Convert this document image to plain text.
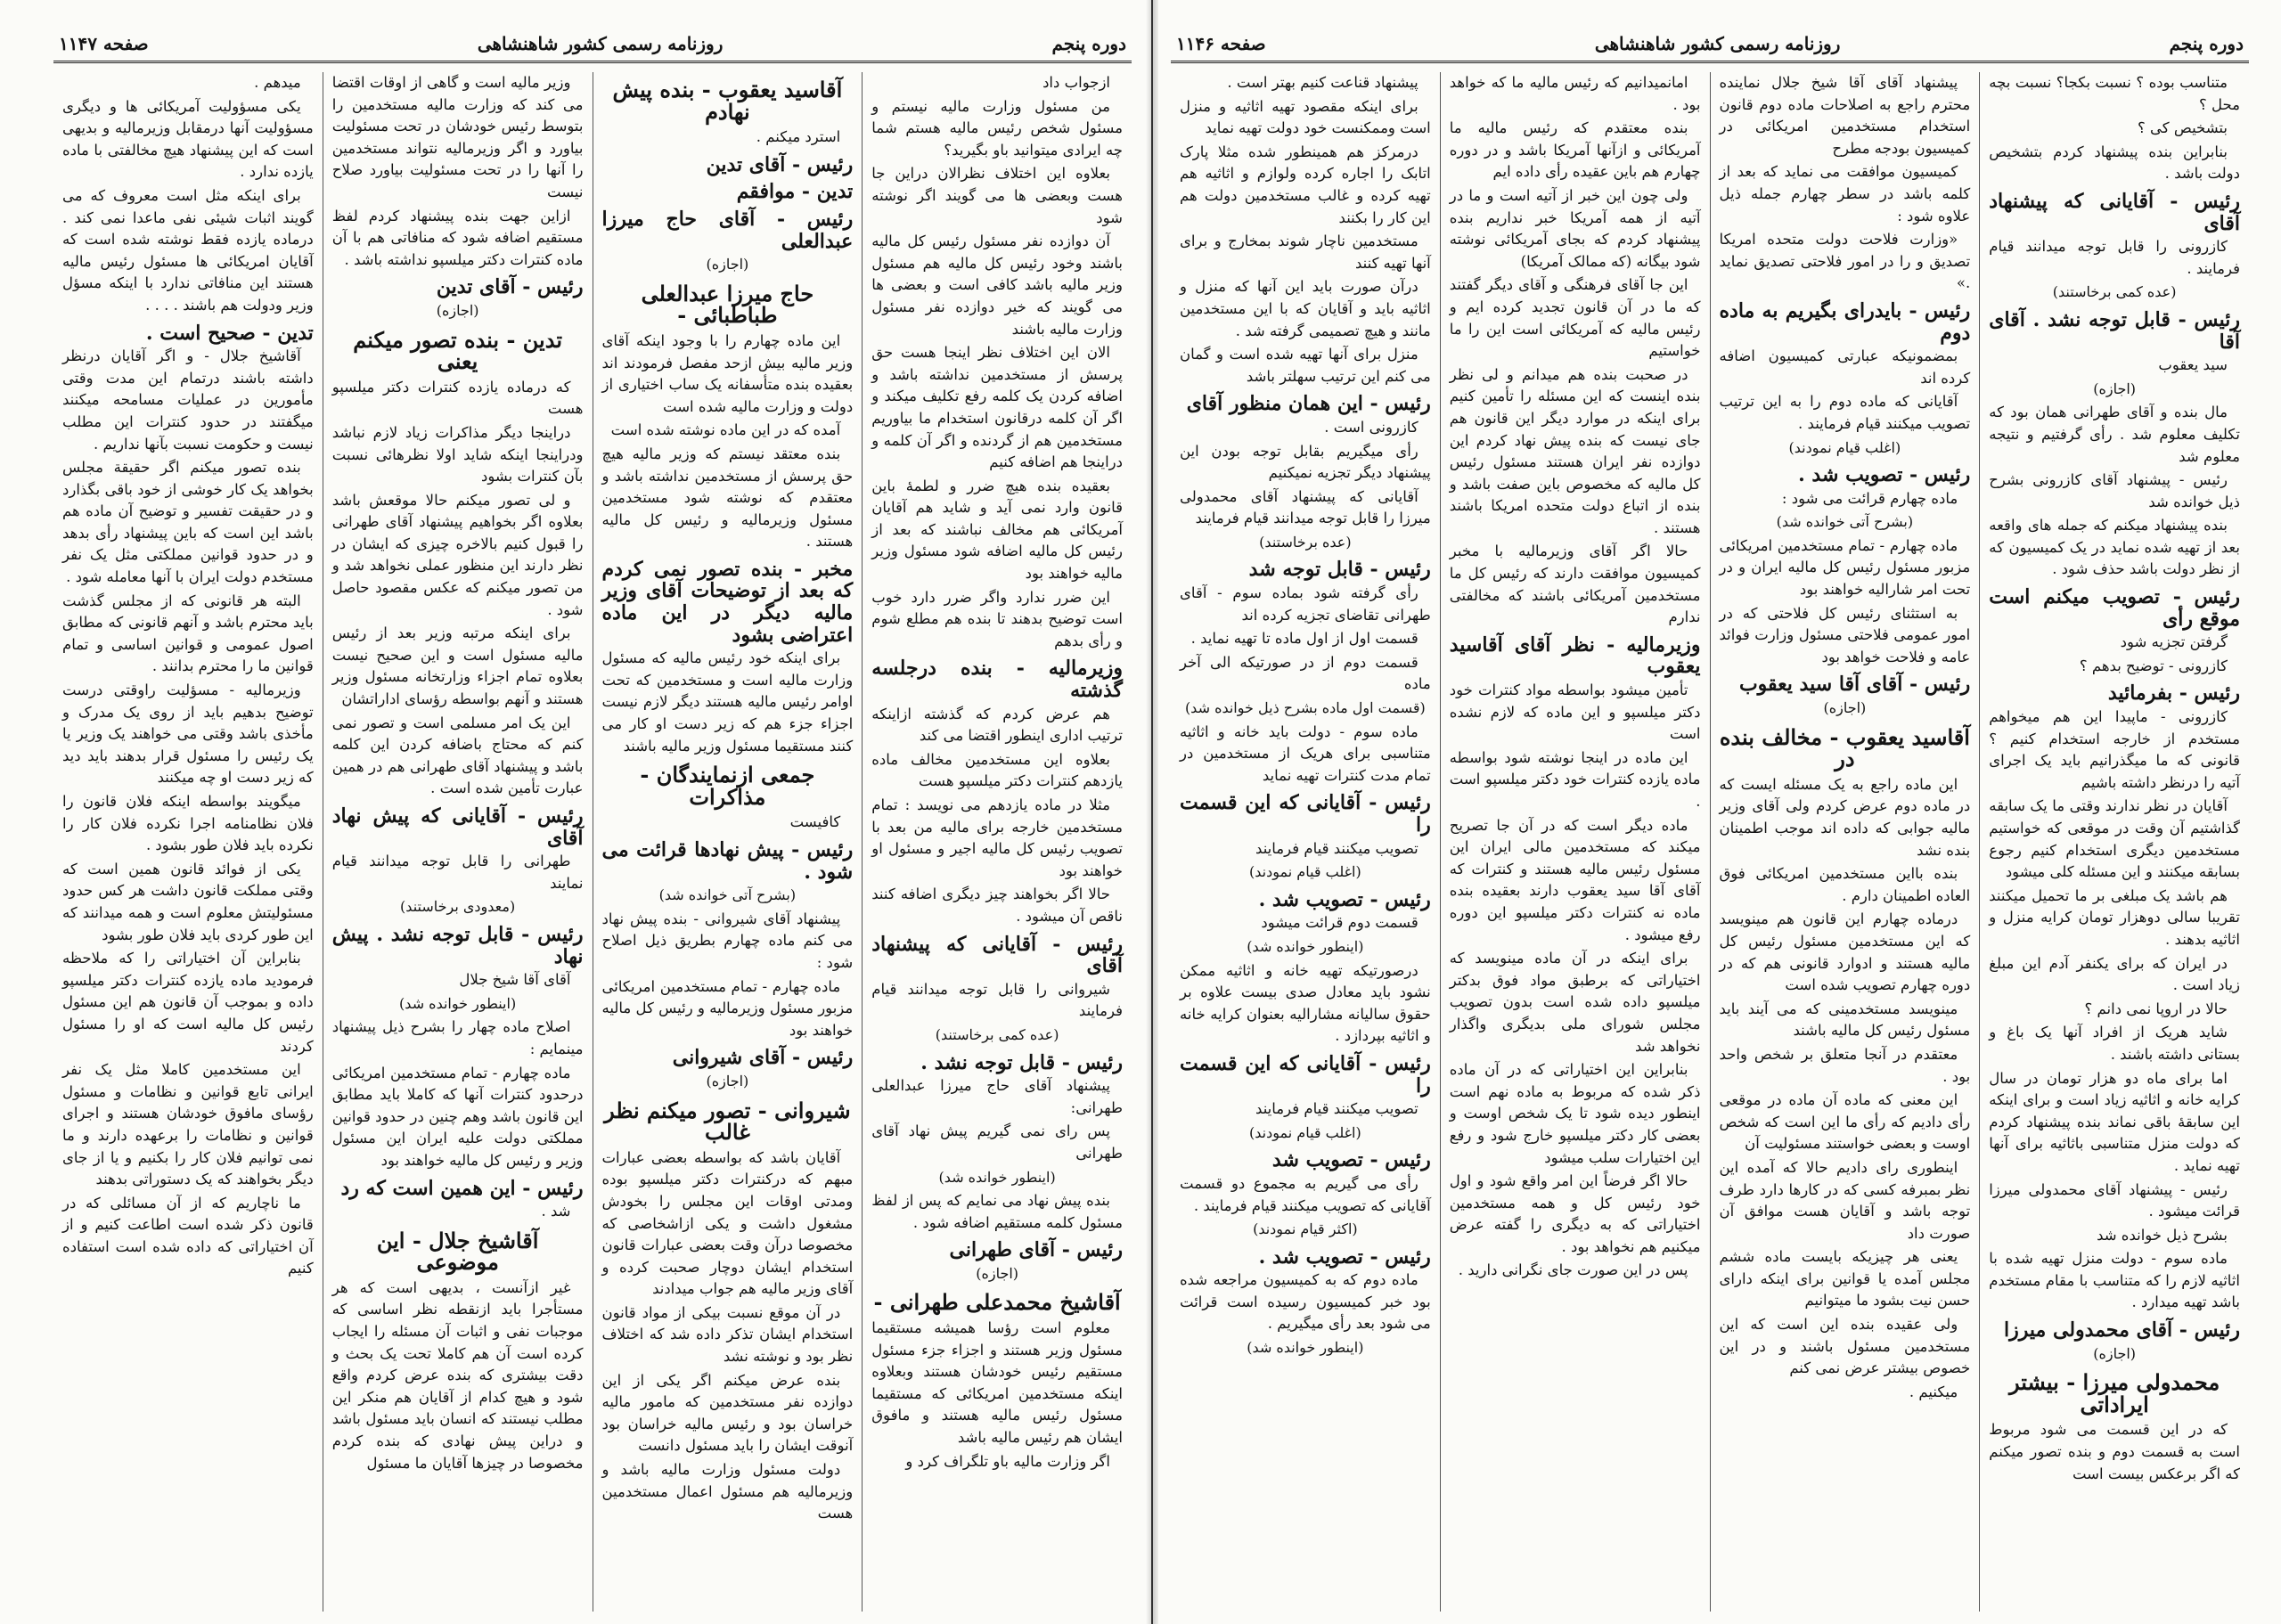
صفحه ۱۱۴۷	روزنامه رسمی کشور شاهنشاهی	دوره پنجم

ازجواب داد

من مسئول وزارت مالیه نیستم و مسئول شخص رئیس مالیه هستم شما چه ایرادی میتوانید باو بگیرید؟

بعلاوه این اختلاف نظرالان دراین جا هست وبعضی ها می گویند اگر نوشته شود

آن دوازده نفر مسئول رئیس کل مالیه باشند وخود رئیس کل مالیه هم مسئول وزیر مالیه باشد کافی است و بعضی ها می گویند که خیر دوازده نفر مسئول وزارت مالیه باشند

الان این اختلاف نظر اینجا هست حق پرسش از مستخدمین نداشته باشد و اضافه کردن یک کلمه رفع تکلیف میکند و اگر آن کلمه درقانون استخدام ما بیاوریم مستخدمین هم از گردنده و اگر آن کلمه و دراینجا هم اضافه کنیم

بعقیده بنده هیچ ضرر و لطمهٔ باین قانون وارد نمی آید و شاید هم آقایان آمریکائی هم مخالف نباشند که بعد از رئیس کل مالیه اضافه شود مسئول وزیر مالیه خواهند بود

این ضرر ندارد واگر ضرر دارد خوب است توضیح بدهند تا بنده هم مطلع شوم و رأی بدهم

وزیرمالیه - بنده درجلسه گذشته

هم عرض کردم که گذشته ازاینکه ترتیب اداری اینطور اقتضا می کند

بعلاوه این مستخدمین مخالف ماده یازدهم کنترات دکتر میلسپو هست

مثلا در ماده یازدهم می نویسد : تمام مستخدمین خارجه برای مالیه من بعد با تصویب رئیس کل مالیه اجیر و مسئول او خواهند بود

حالا اگر بخواهند چیز دیگری اضافه کنند ناقص آن میشود .

رئیس - آقایانی که پیشنهاد آقای

شیروانی را قابل توجه میدانند قیام فرمایند

(عده کمی برخاستند)
رئیس - قابل توجه نشد .

پیشنهاد آقای حاج میرزا عبدالعلی طهرانی:

پس رای نمی گیریم پیش نهاد آقای طهرانی

(اینطور خوانده شد)

بنده پیش نهاد می نمایم که پس از لفظ مسئول کلمه مستقیم اضافه شود .

رئیس - آقای طهرانی
(اجازه)
آقاشیخ محمدعلی طهرانی -

معلوم است رؤسا همیشه مستقیما مسئول وزیر هستند و اجزاء جزء مسئول مستقیم رئیس خودشان هستند وبعلاوه اینکه مستخدمین امریکائی که مستقیما مسئول رئیس مالیه هستند و مافوق ایشان هم رئیس مالیه باشد

اگر وزارت مالیه باو تلگراف کرد و

آقاسید یعقوب - بنده پیش نهادم

استرد میکنم .

رئیس - آقای تدین
تدین - موافقم
رئیس - آقای حاج میرزا عبدالعلی
(اجازه)
حاج میرزا عبدالعلی طباطبائی -

این ماده چهارم را با وجود اینکه آقای وزیر مالیه بیش ازحد مفصل فرمودند اند بعقیده بنده متأسفانه یک ساب اختیاری از دولت و وزارت مالیه شده است

آمده که در این ماده نوشته شده است

بنده معتقد نیستم که وزیر مالیه هیچ حق پرسش از مستخدمین نداشته باشد و معتقدم که نوشته شود مستخدمین مسئول وزیرمالیه و رئیس کل مالیه هستند .

مخبر - بنده تصور نمی کردم که بعد از توضیحات آقای وزیر مالیه دیگر در این ماده اعتراضی بشود

برای اینکه خود رئیس مالیه که مسئول وزارت مالیه است و مستخدمین که تحت اوامر رئیس مالیه هستند دیگر لازم نیست اجزاء جزء هم که زیر دست او کار می کنند مستقیما مسئول وزیر مالیه باشند

جمعی ازنمایندگان - مذاکرات

کافیست

رئیس - پیش نهادها قرائت می شود .
(بشرح آتی خوانده شد)

پیشنهاد آقای شیروانی - بنده پیش نهاد می کنم ماده چهارم بطریق ذیل اصلاح شود :

ماده چهارم - تمام مستخدمین امریکائی مزبور مسئول وزیرمالیه و رئیس کل مالیه خواهند بود

رئیس - آقای شیروانی
(اجازه)
شیروانی - تصور میکنم نظر غالب

آقایان باشد که بواسطه بعضی عبارات مبهم که درکنترات دکتر میلسپو بوده ومدتی اوقات این مجلس را بخودش مشغول داشت و یکی ازاشخاصی که مخصوصا درآن وقت بعضی عبارات قانون استخدام ایشان دوچار صحبت کرده و آقای وزیر مالیه هم جواب میدادند

در آن موقع نسبت بیکی از مواد قانون استخدام ایشان تذکر داده شد که اختلاف نظر بود و نوشته نشد

بنده عرض میکنم اگر یکی از این دوازده نفر مستخدمین که مامور مالیه خراسان بود و رئیس مالیه خراسان بود آنوقت ایشان را باید مسئول دانست

دولت مسئول وزارت مالیه باشد و وزیرمالیه هم مسئول اعمال مستخدمین هست

وزیر مالیه است و گاهی از اوقات اقتضا می کند که وزارت مالیه مستخدمین را بتوسط رئیس خودشان در تحت مسئولیت بیاورد و اگر وزیرمالیه نتواند مستخدمین را آنها را در تحت مسئولیت بیاورد صلاح نیست

ازاین جهت بنده پیشنهاد کردم لفظ مستقیم اضافه شود که منافاتی هم با آن ماده کنترات دکتر میلسپو نداشته باشد .

رئیس - آقای تدین
(اجازه)
تدین - بنده تصور میکنم یعنی

که درماده یازده کنترات دکتر میلسپو هست

دراینجا دیگر مذاکرات زیاد لازم نباشد ودراینجا اینکه شاید اولا نظرهائی نسبت بآن کنترات بشود

و لی تصور میکنم حالا موقعش باشد بعلاوه اگر بخواهیم پیشنهاد آقای طهرانی را قبول کنیم بالاخره چیزی که ایشان در نظر دارند این منظور عملی نخواهد شد و من تصور میکنم که عکس مقصود حاصل شود .

برای اینکه مرتبه وزیر بعد از رئیس مالیه مسئول است و این صحیح نیست بعلاوه تمام اجزاء وزارتخانه مسئول وزیر هستند و آنهم بواسطه رؤسای اداراتشان

این یک امر مسلمی است و تصور نمی کنم که محتاج باضافه کردن این کلمه باشد و پیشنهاد آقای طهرانی هم در همین عبارت تأمین شده است .

رئیس - آقایانی که پیش نهاد آقای

طهرانی را قابل توجه میدانند قیام نمایند

(معدودی برخاستند)
رئیس - قابل توجه نشد . پیش نهاد

آقای آقا شیخ جلال

(اینطور خوانده شد)

اصلاح ماده چهار را بشرح ذیل پیشنهاد مینمایم :

ماده چهارم - تمام مستخدمین امریکائی درحدود کنترات آنها که کاملا باید مطابق این قانون باشد وهم چنین در حدود قوانین مملکتی دولت علیه ایران این مسئول وزیر و رئیس کل مالیه خواهند بود

رئیس - این همین است که رد

شد .

آقاشیخ جلال - این موضوعی

غیر ازآنست ، بدیهی است که هر مستأجرا باید ازنقطه نظر اساسی که موجبات نفی و اثبات آن مسئله را ایجاب کرده است آن هم کاملا تحت یک بحث و دقت بیشتری که بنده عرض کردم واقع شود و هیچ کدام از آقایان هم منکر این مطلب نیستند که انسان باید مسئول باشد و دراین پیش نهادی که بنده کردم مخصوصا در چیزها آقایان ما مسئول

میدهم .

یکی مسؤولیت آمریکائی ها و دیگری مسؤولیت آنها درمقابل وزیرمالیه و بدیهی است که این پیشنهاد هیچ مخالفتی با ماده یازده ندارد .

برای اینکه مثل است معروف که می گویند اثبات شیئی نفی ماعدا نمی کند . درماده یازده فقط نوشته شده است که آقایان امریکائی ها مسئول رئیس مالیه هستند این منافاتی ندارد با اینکه مسؤل وزیر ودولت هم باشند . . . .

تدین - صحیح است .

آقاشیخ جلال - و اگر آقایان درنظر داشته باشند درتمام این مدت وقتی مأمورین در عملیات مسامحه میکنند میگفتند در حدود کنترات این مطلب نیست و حکومت نسبت بآنها نداریم .

بنده تصور میکنم اگر حقیقة مجلس بخواهد یک کار خوشی از خود باقی بگذارد و در حقیقت تفسیر و توضیح آن ماده هم باشد این است که باین پیشنهاد رأی بدهد و در حدود قوانین مملکتی مثل یک نفر مستخدم دولت ایران با آنها معامله شود .

البته هر قانونی که از مجلس گذشت باید محترم باشد و آنهم قانونی که مطابق اصول عمومی و قوانین اساسی و تمام قوانین ما را محترم بدانند .

وزیرمالیه - مسؤلیت راوقتی درست توضیح بدهیم باید از روی یک مدرک و مأخذی باشد وقتی می خواهند یک وزیر یا یک رئیس را مسئول قرار بدهند باید دید که زیر دست او چه میکنند

میگویند بواسطه اینکه فلان قانون را فلان نظامنامه اجرا نکرده فلان کار را نکرده باید فلان طور بشود .

یکی از فوائد قانون همین است که وقتی مملکت قانون داشت هر کس حدود مسئولیتش معلوم است و همه میدانند که این طور کردی باید فلان طور بشود

بنابراین آن اختیاراتی را که ملاحظه فرمودید ماده یازده کنترات دکتر میلسپو داده و بموجب آن قانون هم این مسئول رئیس کل مالیه است که او را مسئول کردند

این مستخدمین کاملا مثل یک نفر ایرانی تابع قوانین و نظامات و مسئول رؤسای مافوق خودشان هستند و اجرای قوانین و نظامات را برعهده دارند و ما نمی توانیم فلان کار را بکنیم و یا از جای دیگر بخواهند که یک دستوراتی بدهند

ما ناچاریم که از آن مسائلی که در قانون ذکر شده است اطاعت کنیم و از آن اختیاراتی که داده شده است استفاده کنیم

صفحه ۱۱۴۶	روزنامه رسمی کشور شاهنشاهی	دوره پنجم

متناسب بوده ؟ نسبت بکجا؟ نسبت بچه محل ؟

بتشخیص کی ؟

بنابراین بنده پیشنهاد کردم بتشخیص دولت باشد .

رئیس - آقایانی که پیشنهاد آقای

کازرونی را قابل توجه میدانند قیام فرمایند .

(عده کمی برخاستند)
رئیس - قابل توجه نشد . آقای آقا

سید یعقوب

(اجازه)

مال بنده و آقای طهرانی همان بود که تکلیف معلوم شد . رأی گرفتیم و نتیجه معلوم شد

رئیس - پیشنهاد آقای کازرونی بشرح ذیل خوانده شد

بنده پیشنهاد میکنم که جمله های واقعه بعد از تهیه شده نماید در یک کمیسیون که از نظر دولت باشد حذف شود .

رئیس - تصویب میکنم است موقع رأی

گرفتن تجزیه شود

کازرونی - توضیح بدهم ؟

رئیس - بفرمائید

کازرونی - ماپیدا این هم میخواهم مستخدم از خارجه استخدام کنیم ؟ قانونی که ما میگذرانیم باید یک اجرای آتیه را درنظر داشته باشیم

آقایان در نظر ندارند وقتی ما یک سابقه گذاشتیم آن وقت در موقعی که خواستیم مستخدمین دیگری استخدام کنیم رجوع بسابقه میکنند و این مسئله کلی میشود

هم باشد یک مبلغی بر ما تحمیل میکنند تقریبا سالی دوهزار تومان کرایه منزل و اثاثیه بدهند .

در ایران که برای یکنفر آدم این مبلغ زیاد است .

حالا در اروپا نمی دانم ؟

شاید هریک از افراد آنها یک باغ و بستانی داشته باشند .

اما برای ماه دو هزار تومان در سال کرایه خانه و اثاثیه زیاد است و برای اینکه این سابقهٔ باقی نماند بنده پیشنهاد کردم که دولت منزل متناسبی باثاثیه برای آنها تهیه نماید .

رئیس - پیشنهاد آقای محمدولی میرزا قرائت میشود .

بشرح ذیل خوانده شد

ماده سوم - دولت منزل تهیه شده با اثاثیه لازم را که متناسب با مقام مستخدم باشد تهیه میدارد .

رئیس - آقای محمدولی میرزا
(اجازه)
محمدولی میرزا - بیشتر ایراداتی

که در این قسمت می شود مربوط است به قسمت دوم و بنده تصور میکنم که اگر برعکس بیست است

پیشنهاد آقای آقا شیخ جلال نماینده محترم راجع به اصلاحات ماده دوم قانون استخدام مستخدمین امریکائی در کمیسیون بودجه مطرح

کمیسیون موافقت می نماید که بعد از کلمه باشد در سطر چهارم جمله ذیل علاوه شود :

«وزارت فلاحت دولت متحده امریکا تصدیق و را در امور فلاحتی تصدیق نماید .»

رئیس - بایدرای بگیریم به ماده دوم

بمضمونیکه عبارتی کمیسیون اضافه کرده اند

آقایانی که ماده دوم را به این ترتیب تصویب میکنند قیام فرمایند .

(اغلب قیام نمودند)
رئیس - تصویب شد .

ماده چهارم قرائت می شود :

(بشرح آتی خوانده شد)

ماده چهارم - تمام مستخدمین امریکائی مزبور مسئول رئیس کل مالیه ایران و در تحت امر شارالیه خواهند بود

به استثنای رئیس کل فلاحتی که در امور عمومی فلاحتی مسئول وزارت فوائد عامه و فلاحت خواهد بود

رئیس - آقای آقا سید یعقوب
(اجازه)
آقاسید یعقوب - مخالف بنده در

این ماده راجع به یک مسئله ایست که در ماده دوم عرض کردم ولی آقای وزیر مالیه جوابی که داده اند موجب اطمینان بنده نشد

بنده بااین مستخدمین امریکائی فوق العاده اطمینان دارم .

درماده چهارم این قانون هم مینویسد که این مستخدمین مسئول رئیس کل مالیه هستند و ادوارد قانونی هم که در دوره چهارم تصویب شده است

مینویسد مستخدمینی که می آیند باید مسئول رئیس کل مالیه باشند

معتقدم در آنجا متعلق بر شخص واحد بود .

این معنی که ماده آن ماده در موقعی رأی دادیم که رأی ما این است که شخص اوست و بعضی خواستند مسئولیت آن

اینطوری رای دادیم حالا که آمده این نظر بمبرفه کسی که در کارها دارد طرف توجه باشد و آقایان هست موافق آن صورت داد

یعنی هر چیزیکه بایست ماده ششم مجلس آمده یا قوانین برای اینکه دارای حسن نیت بشود ما میتوانیم

ولی عقیده بنده این است که این مستخدمین مسئول باشند و در این خصوص بیشتر عرض نمی کنم

میکنیم .

امانمیدانیم که رئیس مالیه ما که خواهد بود .

بنده معتقدم که رئیس مالیه ما آمریکائی و ازآنها آمریکا باشد و در دوره چهارم هم باین عقیده رأی داده ایم

ولی چون این خبر از آتیه است و ما در آتیه از همه آمریکا خبر نداریم بنده پیشنهاد کردم که بجای آمریکائی نوشته شود بیگانه (که ممالک آمریکا)

این جا آقای فرهنگی و آقای دیگر گفتند که ما در آن قانون تجدید کرده ایم و رئیس مالیه که آمریکائی است این را ما خواستیم

در صحبت بنده هم میدانم و لی نظر بنده اینست که این مسئله را تأمین کنیم برای اینکه در موارد دیگر این قانون هم جای نیست که بنده پیش نهاد کردم این دوازده نفر ایران هستند مسئول رئیس کل مالیه که مخصوص باین صفت باشد و بنده از اتباع دولت متحده امریکا باشند هستند .

حالا اگر آقای وزیرمالیه با مخبر کمیسیون موافقت دارند که رئیس کل ما مستخدمین آمریکائی باشند که مخالفتی ندارم

وزیرمالیه - نظر آقای آقاسید یعقوب

تأمین میشود بواسطه مواد کنترات خود دکتر میلسپو و این ماده که لازم نشده است

این ماده در اینجا نوشته شود بواسطه ماده یازده کنترات خود دکتر میلسپو است .

ماده دیگر است که در آن جا تصریح میکند که مستخدمین مالی ایران این مسئول رئیس مالیه هستند و کنترات که آقای آقا سید یعقوب دارند بعقیده بنده ماده نه کنترات دکتر میلسپو این دوره رفع میشود .

برای اینکه در آن ماده مینویسد که اختیاراتی که برطبق مواد فوق بدکتر میلسپو داده شده است بدون تصویب مجلس شورای ملی بدیگری واگذار نخواهد شد

بنابراین این اختیاراتی که در آن ماده ذکر شده که مربوط به ماده نهم است اینطور دیده شود تا یک شخص اوست و بعضی کار دکتر میلسپو خارج شود و رفع این اختیارات سلب میشود

حالا اگر فرضاً این امر واقع شود و اول خود رئیس کل و همه مستخدمین اختیاراتی که به دیگری را گفته عرض میکنیم هم نخواهد بود .

پس در این صورت جای نگرانی دارید .

پیشنهاد قناعت کنیم بهتر است .

برای اینکه مقصود تهیه اثاثیه و منزل است وممکنست خود دولت تهیه نماید

درمرکز هم همینطور شده مثلا پارک اتابک را اجاره کرده ولوازم و اثاثیه هم تهیه کرده و غالب مستخدمین دولت هم این کار را بکنند

مستخدمین ناچار شوند بمخارج و برای آنها تهیه کنند

درآن صورت باید این آنها که منزل و اثاثیه باید و آقایان که با این مستخدمین مانند و هیچ تصمیمی گرفته شد .

منزل برای آنها تهیه شده است و گمان می کنم این ترتیب سهلتر باشد

رئیس - این همان منظور آقای

کازرونی است .

رأی میگیریم بقابل توجه بودن این پیشنهاد دیگر تجزیه نمیکنیم

آقایانی که پیشنهاد آقای محمدولی میرزا را قابل توجه میدانند قیام فرمایند

(عده برخاستند)
رئیس - قابل توجه شد

رأی گرفته شود بماده سوم - آقای طهرانی تقاضای تجزیه کرده اند

قسمت اول از اول ماده تا تهیه نماید .

قسمت دوم از در صورتیکه الی آخر ماده

(قسمت اول ماده بشرح ذیل خوانده شد)

ماده سوم - دولت باید خانه و اثاثیه متناسبی برای هریک از مستخدمین در تمام مدت کنترات تهیه نماید

رئیس - آقایانی که این قسمت را

تصویب میکنند قیام فرمایند

(اغلب قیام نمودند)
رئیس - تصویب شد .

قسمت دوم قرائت میشود

(اینطور خوانده شد)

درصورتیکه تهیه خانه و اثاثیه ممکن نشود باید معادل صدی بیست علاوه بر حقوق سالیانه مشارالیه بعنوان کرایه خانه و اثاثیه بپردازد .

رئیس - آقایانی که این قسمت را

تصویب میکنند قیام فرمایند

(اغلب قیام نمودند)
رئیس - تصویب شد

رأی می گیریم به مجموع دو قسمت آقایانی که تصویب میکنند قیام فرمایند .

(اکثر قیام نمودند)
رئیس - تصویب شد .

ماده دوم که به کمیسیون مراجعه شده بود خبر کمیسیون رسیده است قرائت می شود بعد رأی میگیریم .

(اینطور خوانده شد)
